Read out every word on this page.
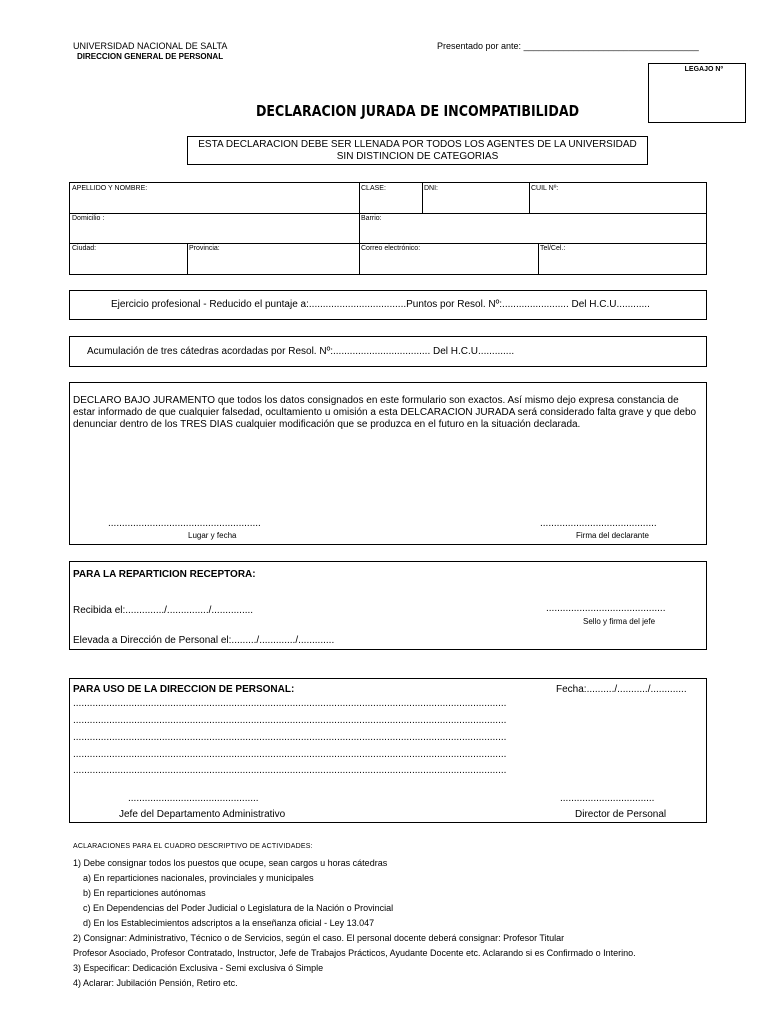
UNIVERSIDAD NACIONAL DE SALTA
DIRECCION GENERAL DE PERSONAL
Presentado por ante: ___________________________________
LEGAJO Nº
DECLARACION JURADA DE INCOMPATIBILIDAD
ESTA DECLARACION DEBE SER LLENADA POR TODOS LOS AGENTES DE LA UNIVERSIDAD
SIN DISTINCION DE CATEGORIAS
APELLIDO Y NOMBRE:	CLASE:	DNI:	CUIL Nº:
Domicilio :	Barrio:
Ciudad:	Provincia:	Correo electrónico:	Tel/Cel.:
Ejercicio profesional - Reducido el puntaje a:...................................Puntos por Resol. Nº:........................ Del H.C.U............
Acumulación de tres cátedras acordadas por Resol. Nº:................................... Del H.C.U.............
DECLARO BAJO JURAMENTO que todos los datos consignados en este formulario son exactos. Así mismo dejo expresa constancia de estar informado de que cualquier falsedad, ocultamiento u omisión a esta DELCARACION JURADA será considerado falta grave y que debo denunciar dentro de los TRES DIAS cualquier modificación que se produzca en el futuro en la situación declarada.
.......................................................	..........................................
Lugar y fecha	Firma del declarante
PARA LA REPARTICION RECEPTORA:
Recibida el:............../.............../...............	...........................................
Sello y firma del jefe
Elevada a Dirección de Personal el:........./............./.............
PARA USO DE LA DIRECCION DE PERSONAL:	Fecha:........../.........../.............
............................................................................................................................................................
............................................................................................................................................................
............................................................................................................................................................
............................................................................................................................................................
............................................................................................................................................................
...............................................	..................................
Jefe del Departamento Administrativo	Director de Personal
ACLARACIONES PARA EL CUADRO DESCRIPTIVO DE ACTIVIDADES:
1) Debe consignar todos los puestos que ocupe, sean cargos u horas cátedras
a) En reparticiones nacionales, provinciales y municipales
b) En reparticiones autónomas
c) En Dependencias del Poder Judicial o Legislatura de la Nación o Provincial
d) En los Establecimientos adscriptos a la enseñanza oficial - Ley 13.047
2) Consignar: Administrativo, Técnico o de Servicios, según el caso. El personal docente deberá consignar: Profesor Titular
Profesor Asociado, Profesor Contratado, Instructor, Jefe de Trabajos Prácticos, Ayudante Docente etc. Aclarando si es Confirmado o Interino.
3) Especificar: Dedicación Exclusiva - Semi exclusiva ó Simple
4) Aclarar: Jubilación Pensión, Retiro etc.
